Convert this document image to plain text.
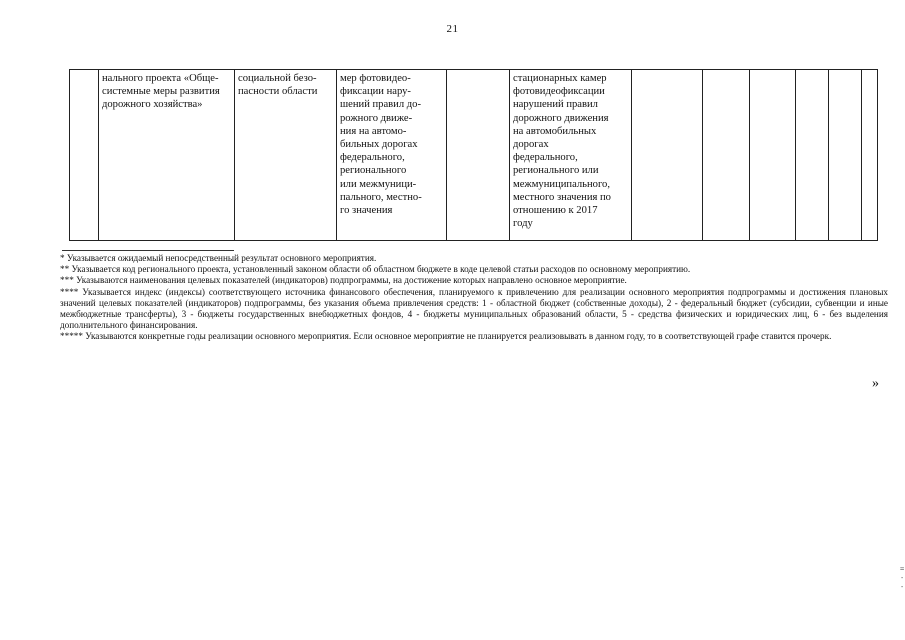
21
	нального проекта «Обще-
системные меры развития
дорожного хозяйства»	социальной безо-
пасности области	мер фотовидео-
фиксации нару-
шений правил до-
рожного движе-
ния на автомо-
бильных дорогах
федерального,
регионального
или межмуници-
пального, местно-
го значения		стационарных камер
фотовидеофиксации
нарушений правил
дорожного движения
на автомобильных
дорогах
федерального,
регионального или
межмуниципального,
местного значения по
отношению к 2017
году						

* Указывается ожидаемый непосредственный результат основного мероприятия.

** Указывается код регионального проекта, установленный законом области об областном бюджете в коде целевой статьи расходов по основному мероприятию.

*** Указываются наименования целевых показателей (индикаторов) подпрограммы, на достижение которых направлено основное мероприятие.

**** Указывается индекс (индексы) соответствующего источника финансового обеспечения, планируемого к привлечению для реализации основного мероприятия подпрограммы и достижения плановых значений целевых показателей (индикаторов) подпрограммы, без указания объема привлечения средств: 1 - областной бюджет (собственные доходы), 2 - федеральный бюджет (субсидии, субвенции и иные межбюджетные трансферты), 3 - бюджеты государственных внебюджетных фондов, 4 - бюджеты муниципальных образований области, 5 - средства физических и юридических лиц, 6 - без выделения дополнительного финансирования.

***** Указываются конкретные годы реализации основного мероприятия. Если основное мероприятие не планируется реализовывать в данном году, то в соответствующей графе ставится прочерк.

»
=
-
-
